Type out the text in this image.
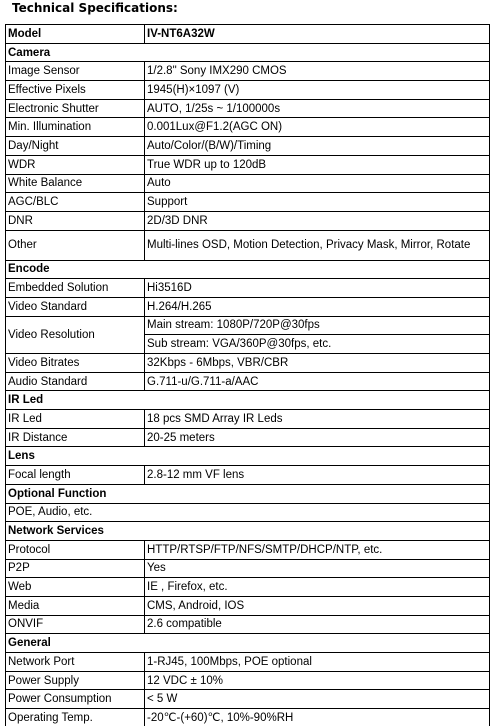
Technical Specifications:
Model	IV-NT6A32W
Camera	
Image Sensor	1/2.8" Sony IMX290 CMOS
Effective Pixels	1945(H)×1097 (V)
Electronic Shutter	AUTO, 1/25s ~ 1/100000s
Min. Illumination	0.001Lux@F1.2(AGC ON)
Day/Night	Auto/Color/(B/W)/Timing
WDR	True WDR up to 120dB
White Balance	Auto
AGC/BLC	Support
DNR	2D/3D DNR
Other	Multi-lines OSD, Motion Detection, Privacy Mask, Mirror, Rotate
Encode	
Embedded Solution	Hi3516D
Video Standard	H.264/H.265
Video Resolution	Main stream: 1080P/720P@30fps
	Sub stream: VGA/360P@30fps, etc.
Video Bitrates	32Kbps - 6Mbps, VBR/CBR
Audio Standard	G.711-u/G.711-a/AAC
IR Led	
IR Led	18 pcs SMD Array IR Leds
IR Distance	20-25 meters
Lens	
Focal length	2.8-12 mm VF lens
Optional Function	
POE, Audio, etc.	
Network Services	
Protocol	HTTP/RTSP/FTP/NFS/SMTP/DHCP/NTP, etc.
P2P	Yes
Web	IE , Firefox, etc.
Media	CMS, Android, IOS
ONVIF	2.6 compatible
General	
Network Port	1-RJ45, 100Mbps, POE optional
Power Supply	12 VDC ± 10%
Power Consumption	< 5 W
Operating Temp.	-20℃-(+60)℃, 10%-90%RH
